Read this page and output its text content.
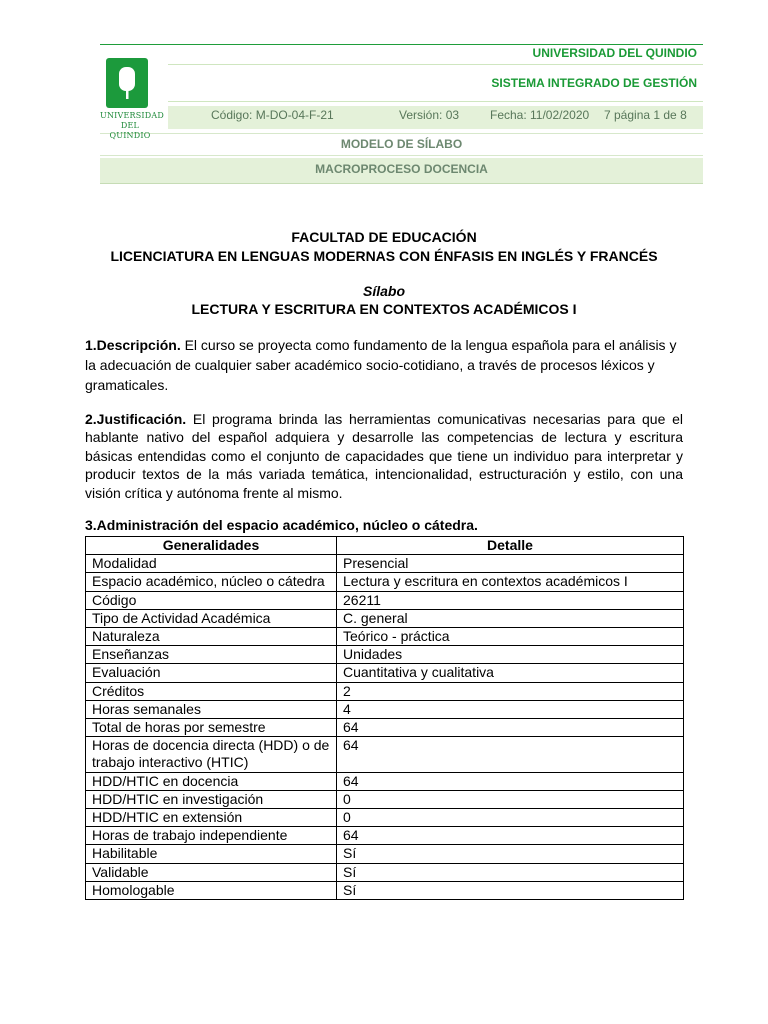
UNIVERSIDAD DEL QUINDIO
SISTEMA INTEGRADO DE GESTIÓN
Código: M-DO-04-F-21	Versión: 03	Fecha: 11/02/2020 7 página 1 de 8
MODELO DE SÍLABO
MACROPROCESO DOCENCIA
UNIVERSIDAD
DEL QUINDIO
FACULTAD DE EDUCACIÓN
LICENCIATURA EN LENGUAS MODERNAS CON ÉNFASIS EN INGLÉS Y FRANCÉS
Sílabo
LECTURA Y ESCRITURA EN CONTEXTOS ACADÉMICOS I
1.Descripción. El curso se proyecta como fundamento de la lengua española para el análisis y la adecuación de cualquier saber académico socio-cotidiano, a través de procesos léxicos y gramaticales.
2.Justificación. El programa brinda las herramientas comunicativas necesarias para que el hablante nativo del español adquiera y desarrolle las competencias de lectura y escritura básicas entendidas como el conjunto de capacidades que tiene un individuo para interpretar y producir textos de la más variada temática, intencionalidad, estructuración y estilo, con una visión crítica y autónoma frente al mismo.
3.Administración del espacio académico, núcleo o cátedra.
Generalidades	Detalle
Modalidad	Presencial
Espacio académico, núcleo o cátedra	Lectura y escritura en contextos académicos I
Código	26211
Tipo de Actividad Académica	C. general
Naturaleza	Teórico - práctica
Enseñanzas	Unidades
Evaluación	Cuantitativa y cualitativa
Créditos	2
Horas semanales	4
Total de horas por semestre	64
Horas de docencia directa (HDD) o de trabajo interactivo (HTIC)	64
HDD/HTIC en docencia	64
HDD/HTIC en investigación	0
HDD/HTIC en extensión	0
Horas de trabajo independiente	64
Habilitable	Sí
Validable	Sí
Homologable	Sí
